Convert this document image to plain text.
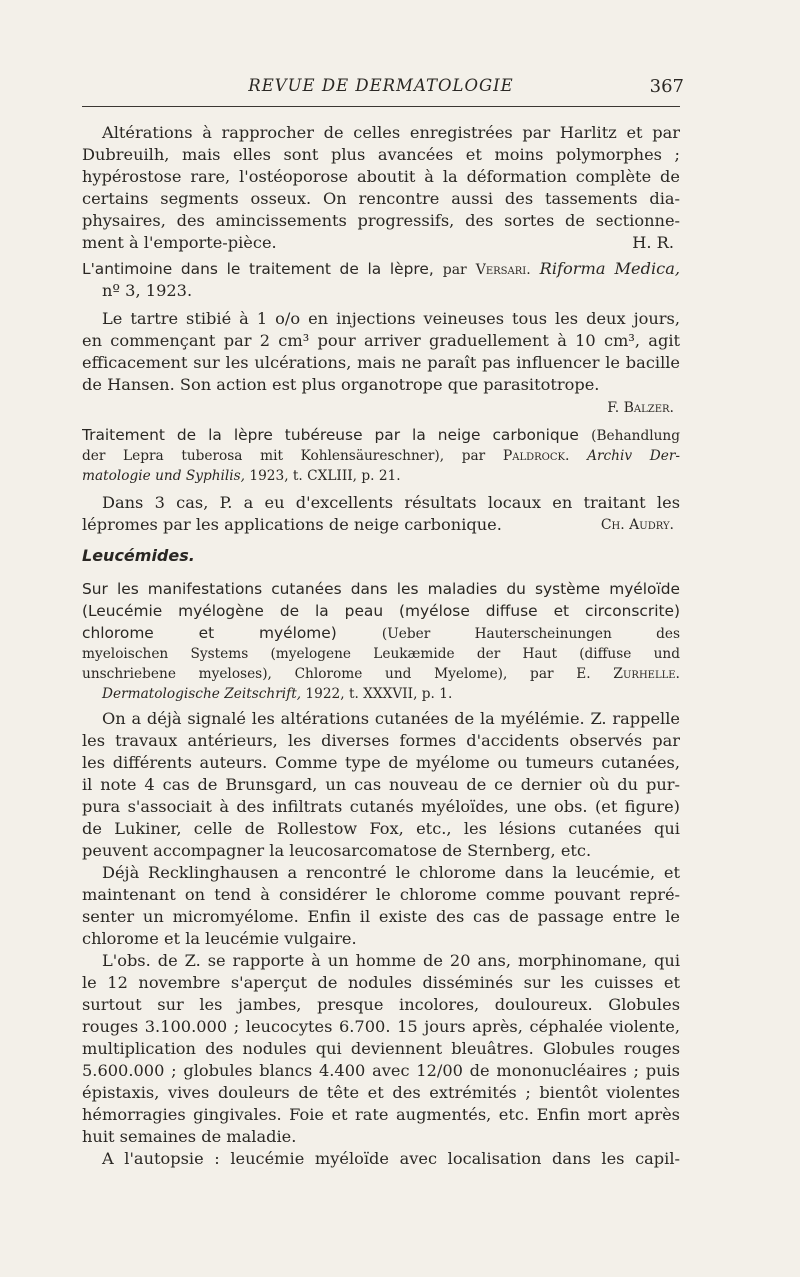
REVUE DE DERMATOLOGIE	367
Altérations à rapprocher de celles enregistrées par Harlitz et par
Dubreuilh, mais elles sont plus avancées et moins polymorphes ;
hypérostose rare, l'ostéoporose aboutit à la déformation complète de
certains segments osseux. On rencontre aussi des tassements dia-
physaires, des amincissements progressifs, des sortes de sectionne-
ment à l'emporte-pièce.	H. R.
L'antimoine dans le traitement de la lèpre, par Versari. Riforma Medica,
nº 3, 1923.
Le tartre stibié à 1 o/o en injections veineuses tous les deux jours,
en commençant par 2 cm³ pour arriver graduellement à 10 cm³, agit
efficacement sur les ulcérations, mais ne paraît pas influencer le bacille
de Hansen. Son action est plus organotrope que parasitotrope.
F. Balzer.
Traitement de la lèpre tubéreuse par la neige carbonique (Behandlung
der Lepra tuberosa mit Kohlensäureschner), par Paldrock. Archiv Der-
matologie und Syphilis, 1923, t. CXLIII, p. 21.
Dans 3 cas, P. a eu d'excellents résultats locaux en traitant les
lépromes par les applications de neige carbonique.	Ch. Audry.
Leucémides.
Sur les manifestations cutanées dans les maladies du système myéloïde
(Leucémie myélogène de la peau (myélose diffuse et circonscrite)
chlorome et myélome)	(Ueber Hauterscheinungen des
myeloischen Systems (myelogene Leukæmide der Haut (diffuse und
unschriebene myeloses), Chlorome und Myelome), par E. Zurhelle.
Dermatologische Zeitschrift, 1922, t. XXXVII, p. 1.
On a déjà signalé les altérations cutanées de la myélémie. Z. rappelle
les travaux antérieurs, les diverses formes d'accidents observés par
les différents auteurs. Comme type de myélome ou tumeurs cutanées,
il note 4 cas de Brunsgard, un cas nouveau de ce dernier où du pur-
pura s'associait à des infiltrats cutanés myéloïdes, une obs. (et figure)
de Lukiner, celle de Rollestow Fox, etc., les lésions cutanées qui
peuvent accompagner la leucosarcomatose de Sternberg, etc.
Déjà Recklinghausen a rencontré le chlorome dans la leucémie, et
maintenant on tend à considérer le chlorome comme pouvant repré-
senter un micromyélome. Enfin il existe des cas de passage entre le
chlorome et la leucémie vulgaire.
L'obs. de Z. se rapporte à un homme de 20 ans, morphinomane, qui
le 12 novembre s'aperçut de nodules disséminés sur les cuisses et
surtout sur les jambes, presque incolores, douloureux. Globules
rouges 3.100.000 ; leucocytes 6.700. 15 jours après, céphalée violente,
multiplication des nodules qui deviennent bleuâtres. Globules rouges
5.600.000 ; globules blancs 4.400 avec 12/00 de mononucléaires ; puis
épistaxis, vives douleurs de tête et des extrémités ; bientôt violentes
hémorragies gingivales. Foie et rate augmentés, etc. Enfin mort après
huit semaines de maladie.
A l'autopsie : leucémie myéloïde avec localisation dans les capil-
